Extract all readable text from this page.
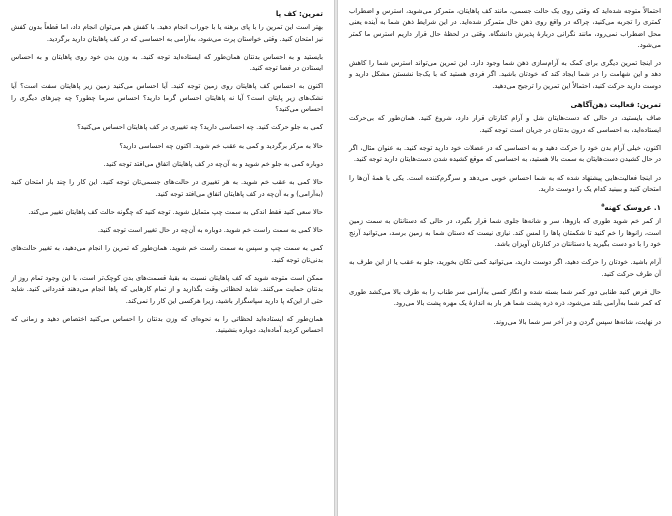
تمرین: کف پا

بهتر است این تمرین را با پای برهنه یا با جوراب انجام دهید. با کفش هم می‌توان انجام داد، اما قطعاً بدون کفش نیز امتحان کنید. وقتی خواستان پرت می‌شود، به‌آرامی به احساسی که در کف پاهایتان دارید برگردید.

بایستید و به احساس بدنتان همان‌طور که ایستاده‌اید توجه کنید. به وزن بدن خود روی پاهایتان و به احساس ایستادن در فضا توجه کنید.

اکنون به احساس کف پاهایتان روی زمین توجه کنید. آیا احساس می‌کنید زمین زیر پاهایتان سفت است؟ آیا نشک‌های زیر پایتان است؟ آیا نه پاهایتان احساس گرما دارید؟ احساس سرما چطور؟ چه چیزهای دیگری را احساس می‌کنید؟

کمی به جلو حرکت کنید. چه احساسی دارید؟ چه تغییری در کف پاهایتان احساس می‌کنید؟

حالا به مرکز برگردید و کمی به عقب خم شوید. اکنون چه احساسی دارید؟

دوباره کمی به جلو خم شوید و به آن‌چه در کف پاهایتان اتفاق می‌افتد توجه کنید.

حالا کمی به عقب خم شوید. به هر تغییری در حالت‌های جسمی‌تان توجه کنید. این کار را چند بار امتحان کنید (به‌آرامی) و به آن‌چه در کف پاهایتان اتفاق می‌افتد توجه کنید.

حالا سعی کنید فقط اندکی به سمت چپ متمایل شوید. توجه کنید که چگونه حالت کف پاهایتان تغییر می‌کند.

حالا کمی به سمت راست خم شوید. دوباره به آن‌چه در حال تغییر است توجه کنید.

کمی به سمت چپ و سپس به سمت راست خم شوید. همان‌طور که تمرین را انجام می‌دهید، به تغییر حالت‌های بدنی‌تان توجه کنید.

ممکن است متوجه شوید که کف پاهایتان نسبت به بقیهٔ قسمت‌های بدن کوچک‌تر است، با این وجود تمام روز از بدنتان حمایت می‌کنند. شاید لحظاتی وقت بگذارید و از تمام کارهایی که پاها انجام می‌دهند قدردانی کنید. شاید حتی از این‌که پا دارید سپاسگزار باشید، زیرا هرکسی این کار را نمی‌کند.

همان‌طور که ایستاده‌اید لحظاتی را به نحوه‌ای که وزن بدنتان را احساس می‌کنید اختصاص دهید و زمانی که احساس کردید آماده‌اید، دوباره بنشینید.

احتمالاً متوجه شده‌اید که وقتی روی یک حالت جسمی، مانند کف پاهایتان، متمرکز می‌شوید، استرس و اضطراب کمتری را تجربه می‌کنید، چراکه در واقع روی ذهن حال متمرکز شده‌اید. در این شرایط ذهن شما به آینده یعنی محل اضطراب نمی‌رود، مانند نگرانی دربارهٔ پذیرش دانشگاه. وقتی در لحظهٔ حال قرار داریم استرس ما کمتر می‌شود.

در اینجا تمرین دیگری برای کمک به آرام‌سازی ذهن شما وجود دارد. این تمرین می‌تواند استرس شما را کاهش دهد و این شهامت را در شما ایجاد کند که خودتان باشید. اگر فردی هستید که با یک‌جا نشستن مشکل دارید و دوست دارید حرکت کنید، احتمالاً این تمرین را ترجیح می‌دهید.

تمرین: فعالیت ذهن‌آگاهی

صاف بایستید، در حالی که دست‌هایتان شل و آرام کنارتان قرار دارد، شروع کنید. همان‌طور که بی‌حرکت ایستاده‌اید، به احساسی که درون بدنتان در جریان است توجه کنید.

اکنون، خیلی آرام بدن خود را حرکت دهید و به احساسی که در عضلات خود دارید توجه کنید. به عنوان مثال، اگر در حال کشیدن دست‌هایتان به سمت بالا هستید، به احساسی که موقع کشیده شدن دست‌هایتان دارید توجه کنید.

در اینجا فعالیت‌هایی پیشنهاد شده که به شما احساس خوبی می‌دهد و سرگرم‌کننده است. یکی یا همهٔ آن‌ها را امتحان کنید و ببینید کدام یک را دوست دارید.

۱. عروسک کهنه$^۵$

از کمر خم شوید طوری که بازوها، سر و شانه‌ها جلوی شما قرار بگیرد، در حالی که دستانتان به سمت زمین است، زانوها را خم کنید تا شکمتان پاها را لمس کند. نیازی نیست که دستان شما به زمین برسد، می‌توانید آرنج خود را با دو دست بگیرید یا دستانتان در کنارتان آویزان باشد.

آرام باشید. خودتان را حرکت دهید، اگر دوست دارید، می‌توانید کمی تکان بخورید، جلو به عقب یا از این طرف به آن طرف حرکت کنید.

حال فرض کنید طنابی دور کمر شما بسته شده و انگار کسی به‌آرامی سر طناب را به طرف بالا می‌کشد طوری که کمر شما به‌آرامی بلند می‌شود، ذره ذره پشت شما هر بار به اندازهٔ یک مهره پشت بالا می‌رود.

در نهایت، شانه‌ها سپس گردن و در آخر سر شما بالا می‌روند.
